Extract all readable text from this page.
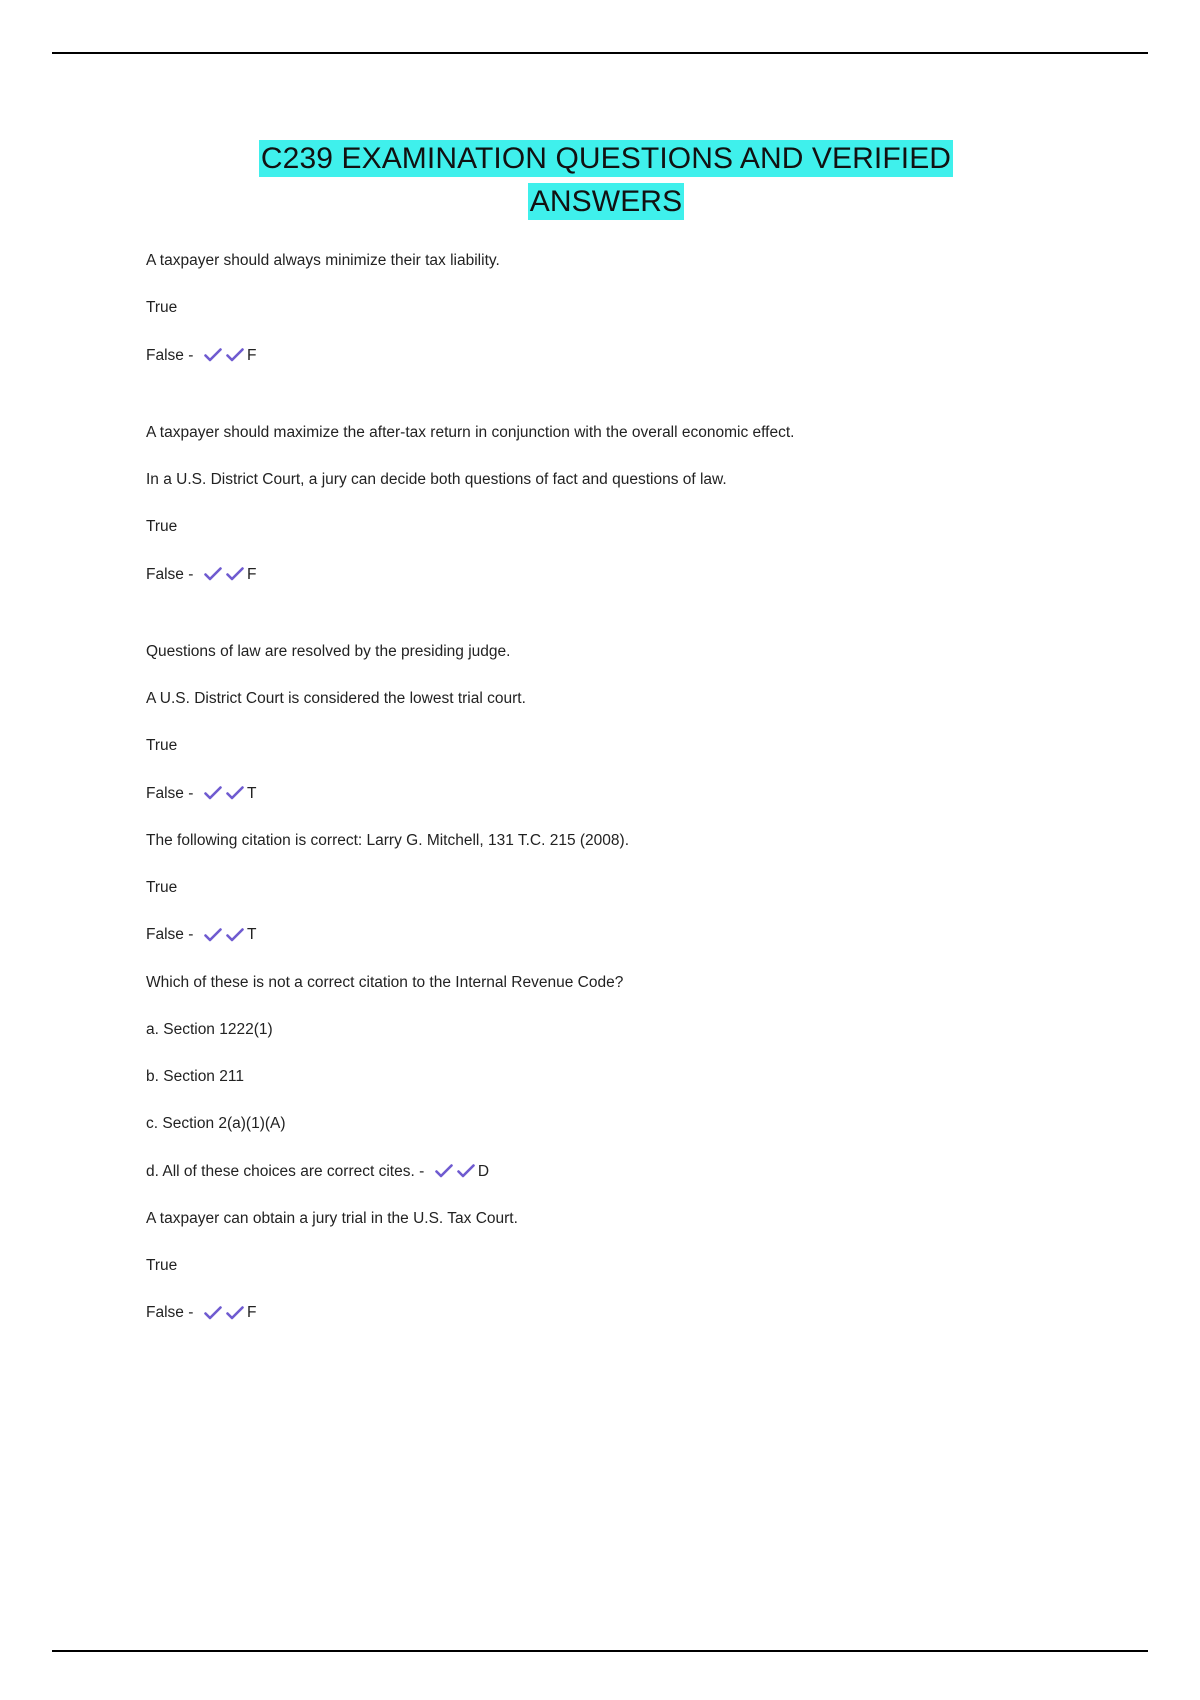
C239 EXAMINATION QUESTIONS AND VERIFIED
ANSWERS

A taxpayer should always minimize their tax liability.

True

False -	F

A taxpayer should maximize the after-tax return in conjunction with the overall economic effect.

In a U.S. District Court, a jury can decide both questions of fact and questions of law.

True

False -	F

Questions of law are resolved by the presiding judge.

A U.S. District Court is considered the lowest trial court.

True

False -	T

The following citation is correct: Larry G. Mitchell, 131 T.C. 215 (2008).

True

False -	T

Which of these is not a correct citation to the Internal Revenue Code?

a. Section 1222(1)

b. Section 211

c. Section 2(a)(1)(A)

d. All of these choices are correct cites. -	D

A taxpayer can obtain a jury trial in the U.S. Tax Court.

True

False -	F
